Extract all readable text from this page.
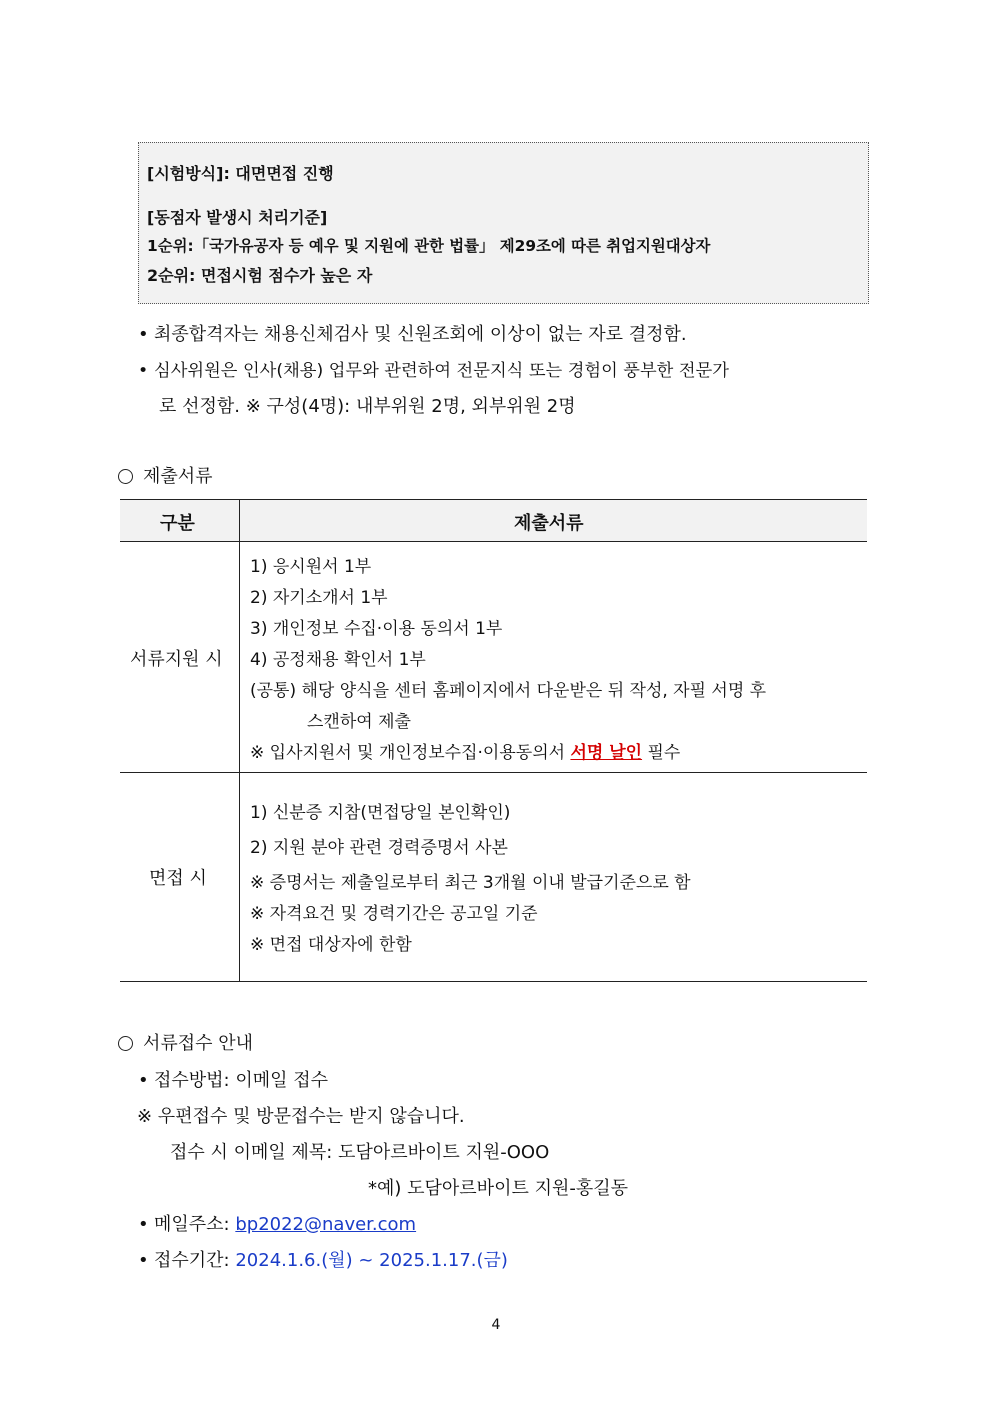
[시험방식]: 대면면접 진행
[동점자 발생시 처리기준]
1순위:「국가유공자 등 예우 및 지원에 관한 법률」 제29조에 따른 취업지원대상자
2순위: 면접시험 점수가 높은 자
• 최종합격자는 채용신체검사 및 신원조회에 이상이 없는 자로 결정함.
• 심사위원은 인사(채용) 업무와 관련하여 전문지식 또는 경험이 풍부한 전문가
로 선정함. ※ 구성(4명): 내부위원 2명, 외부위원 2명
제출서류
구분	제출서류
서류지원 시
1) 응시원서 1부
2) 자기소개서 1부
3) 개인정보 수집·이용 동의서 1부
4) 공정채용 확인서 1부
(공통) 해당 양식을 센터 홈페이지에서 다운받은 뒤 작성, 자필 서명 후
스캔하여 제출
※ 입사지원서 및 개인정보수집·이용동의서 서명 날인 필수
면접 시
1) 신분증 지참(면접당일 본인확인)
2) 지원 분야 관련 경력증명서 사본
※ 증명서는 제출일로부터 최근 3개월 이내 발급기준으로 함
※ 자격요건 및 경력기간은 공고일 기준
※ 면접 대상자에 한함
서류접수 안내
• 접수방법: 이메일 접수
※ 우편접수 및 방문접수는 받지 않습니다.
접수 시 이메일 제목: 도담아르바이트 지원-OOO
*예) 도담아르바이트 지원-홍길동
• 메일주소: bp2022@naver.com
• 접수기간: 2024.1.6.(월) ~ 2025.1.17.(금)
4
